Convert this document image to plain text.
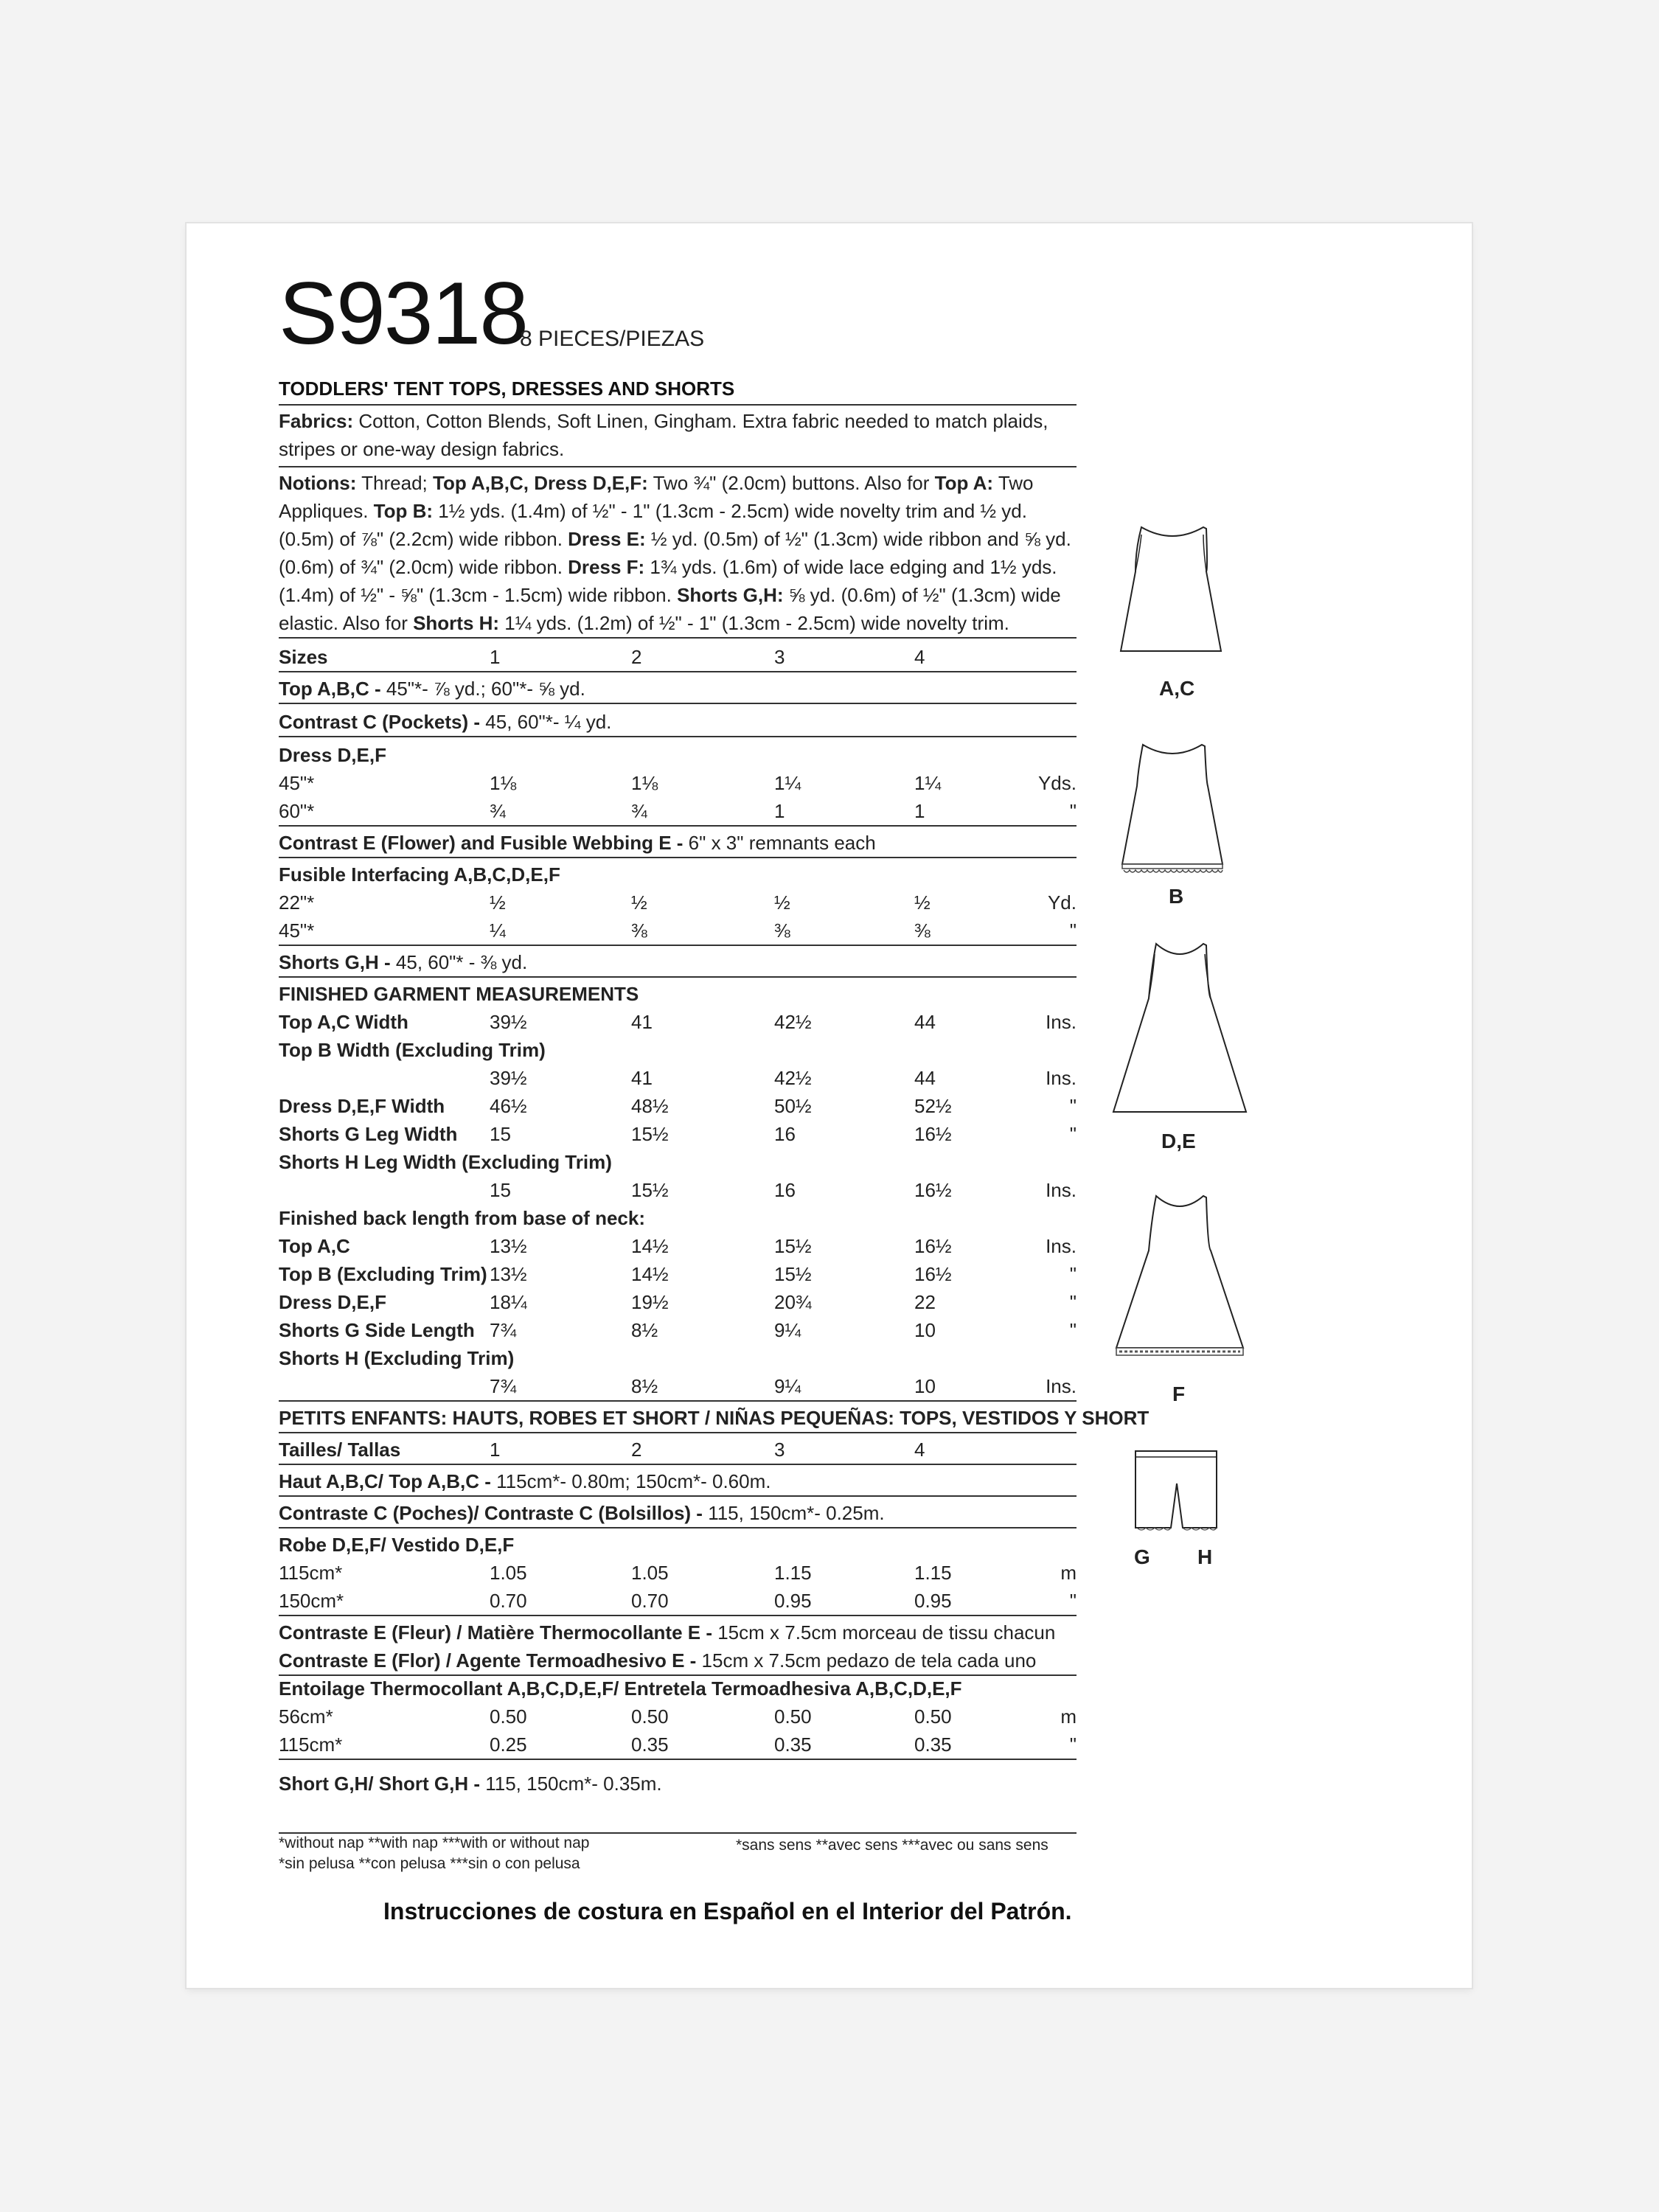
S9318
8 PIECES/PIEZAS
TODDLERS' TENT TOPS, DRESSES AND SHORTS
Fabrics: Cotton, Cotton Blends, Soft Linen, Gingham. Extra fabric needed to match plaids, stripes or one-way design fabrics.
Notions: Thread; Top A,B,C, Dress D,E,F: Two ¾" (2.0cm) buttons. Also for Top A: Two Appliques. Top B: 1½ yds. (1.4m) of ½" - 1" (1.3cm - 2.5cm) wide novelty trim and ½ yd. (0.5m) of ⅞" (2.2cm) wide ribbon. Dress E: ½ yd. (0.5m) of ½" (1.3cm) wide ribbon and ⅝ yd. (0.6m) of ¾" (2.0cm) wide ribbon. Dress F: 1¾ yds. (1.6m) of wide lace edging and 1½ yds. (1.4m) of ½" - ⅝" (1.3cm - 1.5cm) wide ribbon. Shorts G,H: ⅝ yd. (0.6m) of ½" (1.3cm) wide elastic. Also for Shorts H: 1¼ yds. (1.2m) of ½" - 1" (1.3cm - 2.5cm) wide novelty trim.
Sizes	1	2	3	4
Top A,B,C - 45"*- ⅞ yd.; 60"*- ⅝ yd.
Contrast C (Pockets) - 45, 60"*- ¼ yd.
Dress D,E,F
45"*	1⅛	1⅛	1¼	1¼	Yds.
60"*	¾	¾	1	1	"
Contrast E (Flower) and Fusible Webbing E - 6" x 3" remnants each
Fusible Interfacing A,B,C,D,E,F
22"*	½	½	½	½	Yd.
45"*	¼	⅜	⅜	⅜	"
Shorts G,H - 45, 60"* - ⅜ yd.
FINISHED GARMENT MEASUREMENTS
Top A,C Width	39½	41	42½	44	Ins.
Top B Width (Excluding Trim)
39½	41	42½	44	Ins.
Dress D,E,F Width 46½	48½	50½	52½	"
Shorts G Leg Width 15	15½	16	16½	"
Shorts H Leg Width (Excluding Trim)
15	15½	16	16½	Ins.
Finished back length from base of neck:
Top A,C	13½	14½	15½	16½	Ins.
Top B (Excluding Trim) 13½	14½	15½	16½	"
Dress D,E,F	18¼	19½	20¾	22	"
Shorts G Side Length 7¾	8½	9¼	10	"
Shorts H (Excluding Trim)
7¾	8½	9¼	10	Ins.
PETITS ENFANTS: HAUTS, ROBES ET SHORT / NIÑAS PEQUEÑAS: TOPS, VESTIDOS Y SHORT
Tailles/ Tallas	1	2	3	4
Haut A,B,C/ Top A,B,C - 115cm*- 0.80m; 150cm*- 0.60m.
Contraste C (Poches)/ Contraste C (Bolsillos) - 115, 150cm*- 0.25m.
Robe D,E,F/ Vestido D,E,F
115cm*	1.05	1.05	1.15	1.15	m
150cm*	0.70	0.70	0.95	0.95	"
Contraste E (Fleur) / Matière Thermocollante E - 15cm x 7.5cm morceau de tissu chacun
Contraste E (Flor) / Agente Termoadhesivo E - 15cm x 7.5cm pedazo de tela cada uno
Entoilage Thermocollant A,B,C,D,E,F/ Entretela Termoadhesiva A,B,C,D,E,F
56cm*	0.50	0.50	0.50	0.50	m
115cm*	0.25	0.35	0.35	0.35	"
Short G,H/ Short G,H - 115, 150cm*- 0.35m.
*without nap **with nap ***with or without nap
*sin pelusa **con pelusa ***sin o con pelusa
*sans sens **avec sens ***avec ou sans sens
Instrucciones de costura en Español en el Interior del Patrón.
A,C
B
D,E
F
G H
